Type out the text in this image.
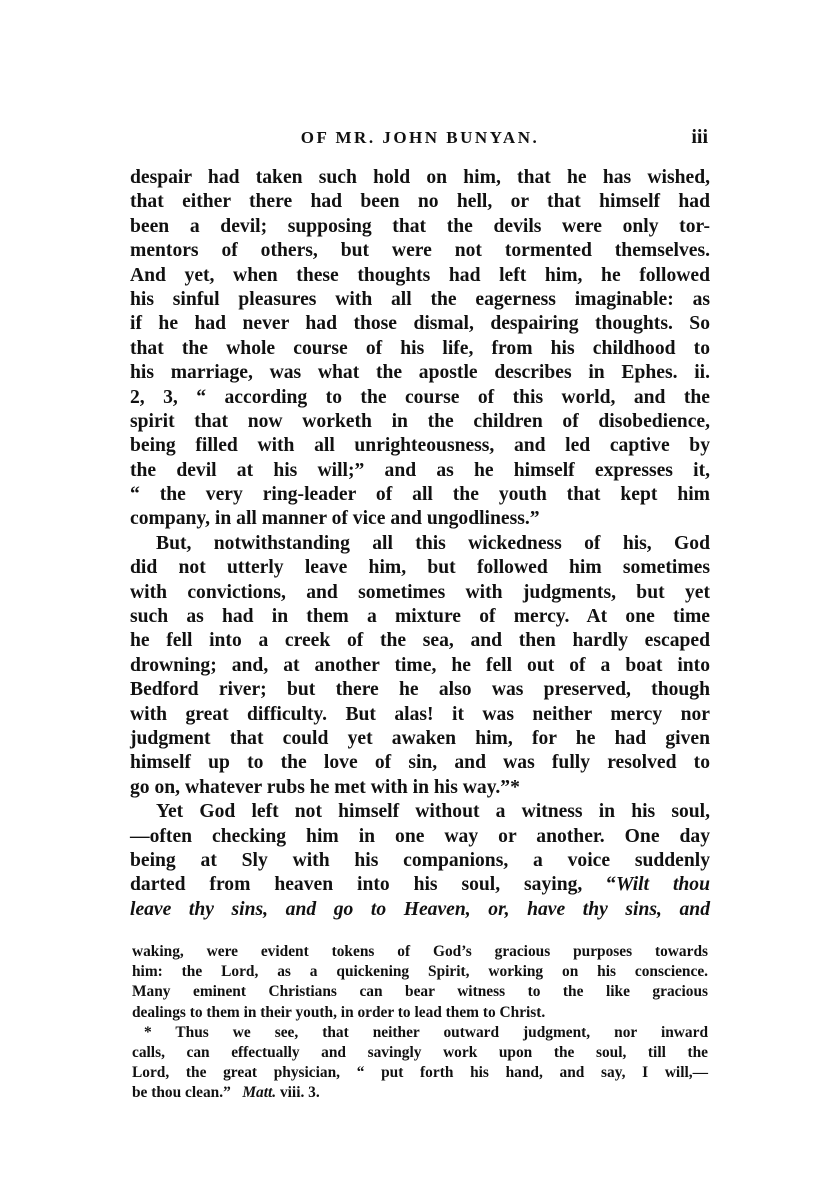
OF MR. JOHN BUNYAN.	iii
despair had taken such hold on him, that he has wished,
that either there had been no hell, or that himself had
been a devil; supposing that the devils were only tor-
mentors of others, but were not tormented themselves.
And yet, when these thoughts had left him, he followed
his sinful pleasures with all the eagerness imaginable: as
if he had never had those dismal, despairing thoughts. So
that the whole course of his life, from his childhood to
his marriage, was what the apostle describes in Ephes. ii.
2, 3, “ according to the course of this world, and the
spirit that now worketh in the children of disobedience,
being filled with all unrighteousness, and led captive by
the devil at his will;” and as he himself expresses it,
“ the very ring-leader of all the youth that kept him
company, in all manner of vice and ungodliness.”
But, notwithstanding all this wickedness of his, God
did not utterly leave him, but followed him sometimes
with convictions, and sometimes with judgments, but yet
such as had in them a mixture of mercy. At one time
he fell into a creek of the sea, and then hardly escaped
drowning; and, at another time, he fell out of a boat into
Bedford river; but there he also was preserved, though
with great difficulty. But alas! it was neither mercy nor
judgment that could yet awaken him, for he had given
himself up to the love of sin, and was fully resolved to
go on, whatever rubs he met with in his way.”*
Yet God left not himself without a witness in his soul,
—often checking him in one way or another. One day
being at Sly with his companions, a voice suddenly
darted from heaven into his soul, saying, “Wilt thou
leave thy sins, and go to Heaven, or, have thy sins, and
waking, were evident tokens of God’s gracious purposes towards
him: the Lord, as a quickening Spirit, working on his conscience.
Many eminent Christians can bear witness to the like gracious
dealings to them in their youth, in order to lead them to Christ.
* Thus we see, that neither outward judgment, nor inward
calls, can effectually and savingly work upon the soul, till the
Lord, the great physician, “ put forth his hand, and say, I will,—
be thou clean.” Matt. viii. 3.
